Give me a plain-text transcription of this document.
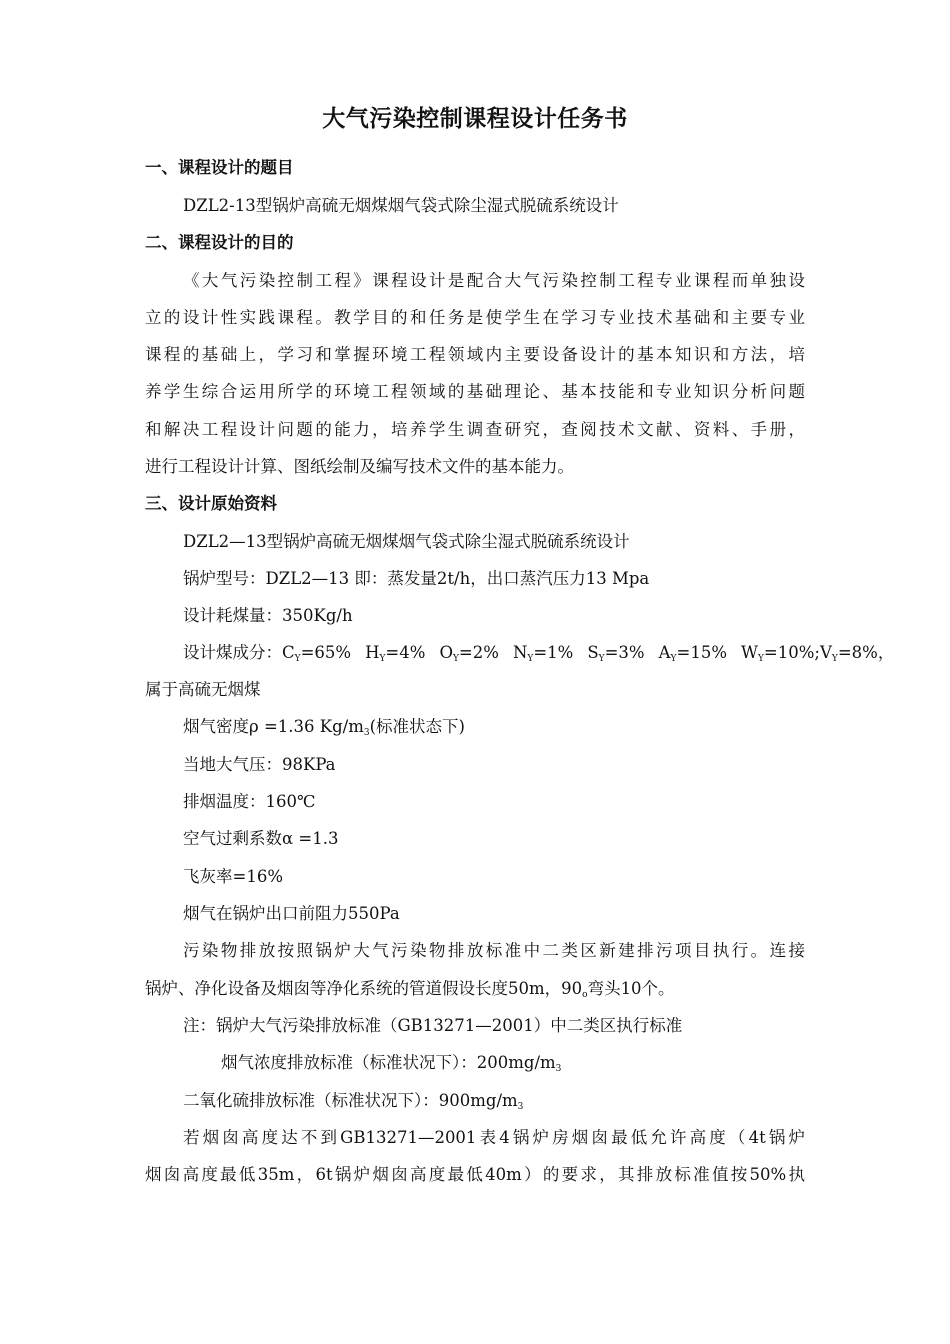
大气污染控制课程设计任务书
一、课程设计的题目
DZL2-13型锅炉高硫无烟煤烟气袋式除尘湿式脱硫系统设计
二、课程设计的目的
《大气污染控制工程》课程设计是配合大气污染控制工程专业课程而单独设
立的设计性实践课程。教学目的和任务是使学生在学习专业技术基础和主要专业
课程的基础上，学习和掌握环境工程领域内主要设备设计的基本知识和方法，培
养学生综合运用所学的环境工程领域的基础理论、基本技能和专业知识分析问题
和解决工程设计问题的能力，培养学生调查研究，查阅技术文献、资料、手册，
进行工程设计计算、图纸绘制及编写技术文件的基本能力。
三、设计原始资料
DZL2—13型锅炉高硫无烟煤烟气袋式除尘湿式脱硫系统设计
锅炉型号：DZL2—13 即：蒸发量2t/h，出口蒸汽压力13 Mpa
设计耗煤量：350Kg/h
设计煤成分：$C_Y=65\%$ $H_Y=4\%$ $O_Y=2\%$ $N_Y=1\%$ $S_Y=3\%$ $A_Y=15\%$ $W_Y=10\%;V_Y=8\%$，
属于高硫无烟煤
烟气密度ρ =1.36 $Kg/m_3$(标准状态下)
当地大气压：98KPa
排烟温度：160℃
空气过剩系数α =1.3
飞灰率=16%
烟气在锅炉出口前阻力550Pa
污染物排放按照锅炉大气污染物排放标准中二类区新建排污项目执行。连接
锅炉、净化设备及烟囱等净化系统的管道假设长度50m，$90_o$弯头10个。
注：锅炉大气污染排放标准（GB13271—2001）中二类区执行标准
烟气浓度排放标准（标准状况下）：$200mg/m_3$
二氧化硫排放标准（标准状况下）：$900mg/m_3$
若烟囱高度达不到GB13271—2001表4锅炉房烟囱最低允许高度（4t锅炉
烟囱高度最低35m，6t锅炉烟囱高度最低40m）的要求，其排放标准值按50%执
